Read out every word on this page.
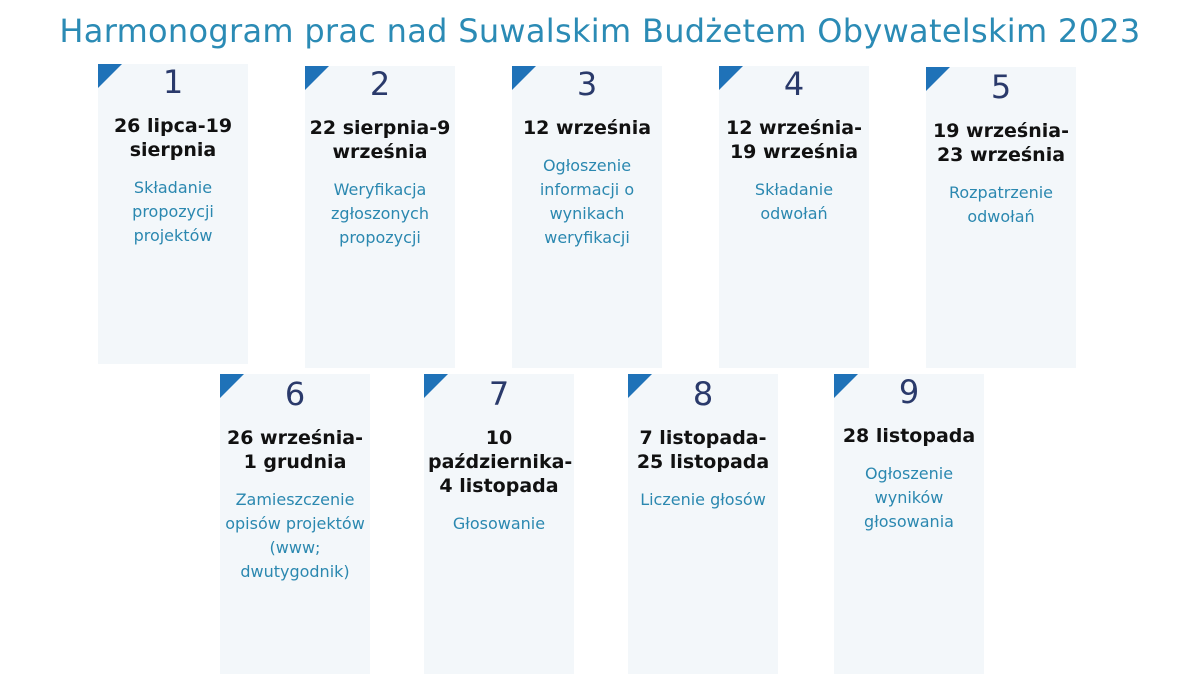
Harmonogram prac nad Suwalskim Budżetem Obywatelskim 2023
1
26 lipca-19 sierpnia
Składanie propozycji projektów
2
22 sierpnia-9 września
Weryfikacja zgłoszonych propozycji
3
12 września
Ogłoszenie informacji o wynikach weryfikacji
4
12 września-19 września
Składanie odwołań
5
19 września-23 września
Rozpatrzenie odwołań
6
26 września-1 grudnia
Zamieszczenie opisów projektów (www; dwutygodnik)
7
10 października-4 listopada
Głosowanie
8
7 listopada-25 listopada
Liczenie głosów
9
28 listopada
Ogłoszenie wyników głosowania
